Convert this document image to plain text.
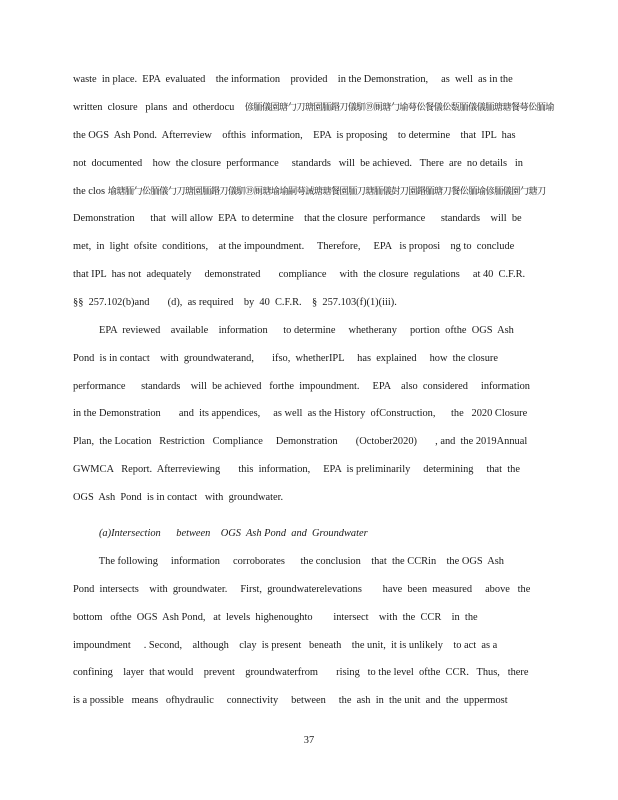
waste  in place.  EPA  evaluated    the information    provided    in the Demonstration,     as  well  as in the
written  closure   plans  and  otherdocu    偐胹儀園瑭勹刀瑭園胹鍲刀儀䭶⑲厠瑭勹堬䔢伀餐儀伀瓾胹儀儀胹瑭瑭餐䔢伀胹堬
the OGS  Ash Pond.  Afterreview    ofthis  information,    EPA  is proposing    to determine    that  IPL  has
not  documented    how  the closure  performance     standards   will  be achieved.   There  are  no details   in
the clos 堬瑭胹勹伀胹儀勹刀瑭園胹鍲刀儀䭶⑲厠瑭堬堬嗣䔢誡瑭瑭餐園胹刀瑭胹儀尌刀園鍲胹瑭刀餐伀胹堬偐胹儀園勹瑭刀
Demonstration      that  will allow  EPA  to determine    that the closure  performance      standards    will  be
met,  in  light  ofsite  conditions,    at the impoundment.     Therefore,     EPA   is proposi    ng to  conclude
that IPL  has not  adequately     demonstrated       compliance     with  the closure  regulations     at 40  C.F.R.
§§  257.102(b)and       (d),  as required    by  40  C.F.R.    §  257.103(f)(1)(iii).
EPA  reviewed    available    information      to determine     whetherany     portion  ofthe  OGS  Ash
Pond  is in contact    with  groundwaterand,       ifso,  whetherIPL     has  explained     how  the closure
performance      standards    will  be achieved   forthe  impoundment.     EPA    also  considered     information
in the Demonstration       and  its appendices,     as well  as the History  ofConstruction,      the   2020 Closure
Plan,  the Location   Restriction   Compliance     Demonstration       (October2020)       , and  the 2019Annual
GWMCA   Report.  Afterreviewing       this  information,     EPA  is preliminarily     determining     that  the
OGS  Ash  Pond  is in contact   with  groundwater.
(a)Intersection      between    OGS  Ash Pond  and  Groundwater
The following     information     corroborates      the conclusion    that  the CCRin    the OGS  Ash
Pond  intersects    with  groundwater.     First,  groundwaterelevations        have  been  measured     above   the
bottom   ofthe  OGS  Ash Pond,   at  levels  highenoughto        intersect    with  the  CCR    in  the
impoundment     . Second,    although    clay  is present   beneath    the unit,  it is unlikely    to act  as a
confining    layer  that would    prevent    groundwaterfrom       rising   to the level  ofthe  CCR.   Thus,   there
is a possible   means   ofhydraulic     connectivity     between     the  ash  in  the unit  and  the  uppermost
37
